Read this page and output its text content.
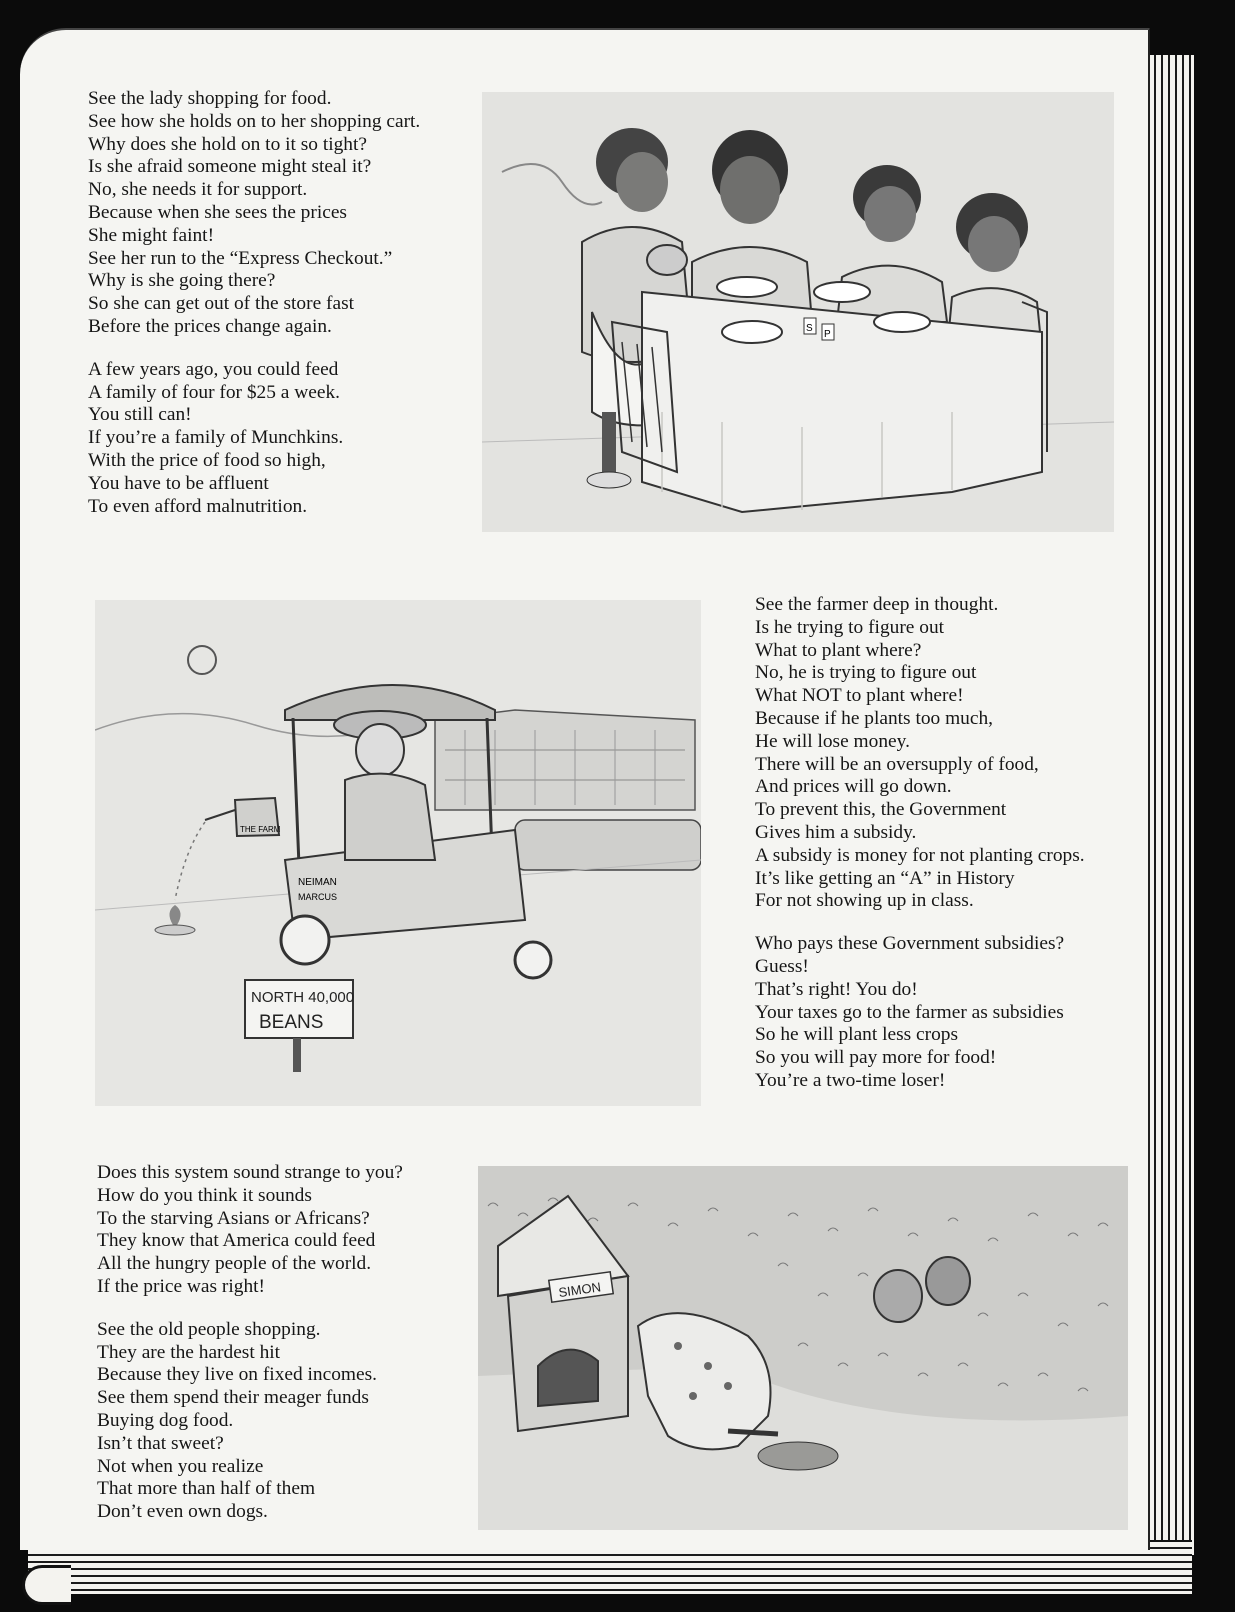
See the lady shopping for food.
See how she holds on to her shopping cart.
Why does she hold on to it so tight?
Is she afraid someone might steal it?
No, she needs it for support.
Because when she sees the prices
She might faint!
See her run to the “Express Checkout.”
Why is she going there?
So she can get out of the store fast
Before the prices change again.
A few years ago, you could feed
A family of four for $25 a week.
You still can!
If you’re a family of Munchkins.
With the price of food so high,
You have to be affluent
To even afford malnutrition.
S
P
NEIMAN
MARCUS
THE FARM
NORTH 40,000
BEANS
See the farmer deep in thought.
Is he trying to figure out
What to plant where?
No, he is trying to figure out
What NOT to plant where!
Because if he plants too much,
He will lose money.
There will be an oversupply of food,
And prices will go down.
To prevent this, the Government
Gives him a subsidy.
A subsidy is money for not planting crops.
It’s like getting an “A” in History
For not showing up in class.
Who pays these Government subsidies?
Guess!
That’s right! You do!
Your taxes go to the farmer as subsidies
So he will plant less crops
So you will pay more for food!
You’re a two-time loser!
Does this system sound strange to you?
How do you think it sounds
To the starving Asians or Africans?
They know that America could feed
All the hungry people of the world.
If the price was right!
See the old people shopping.
They are the hardest hit
Because they live on fixed incomes.
See them spend their meager funds
Buying dog food.
Isn’t that sweet?
Not when you realize
That more than half of them
Don’t even own dogs.
SIMON
